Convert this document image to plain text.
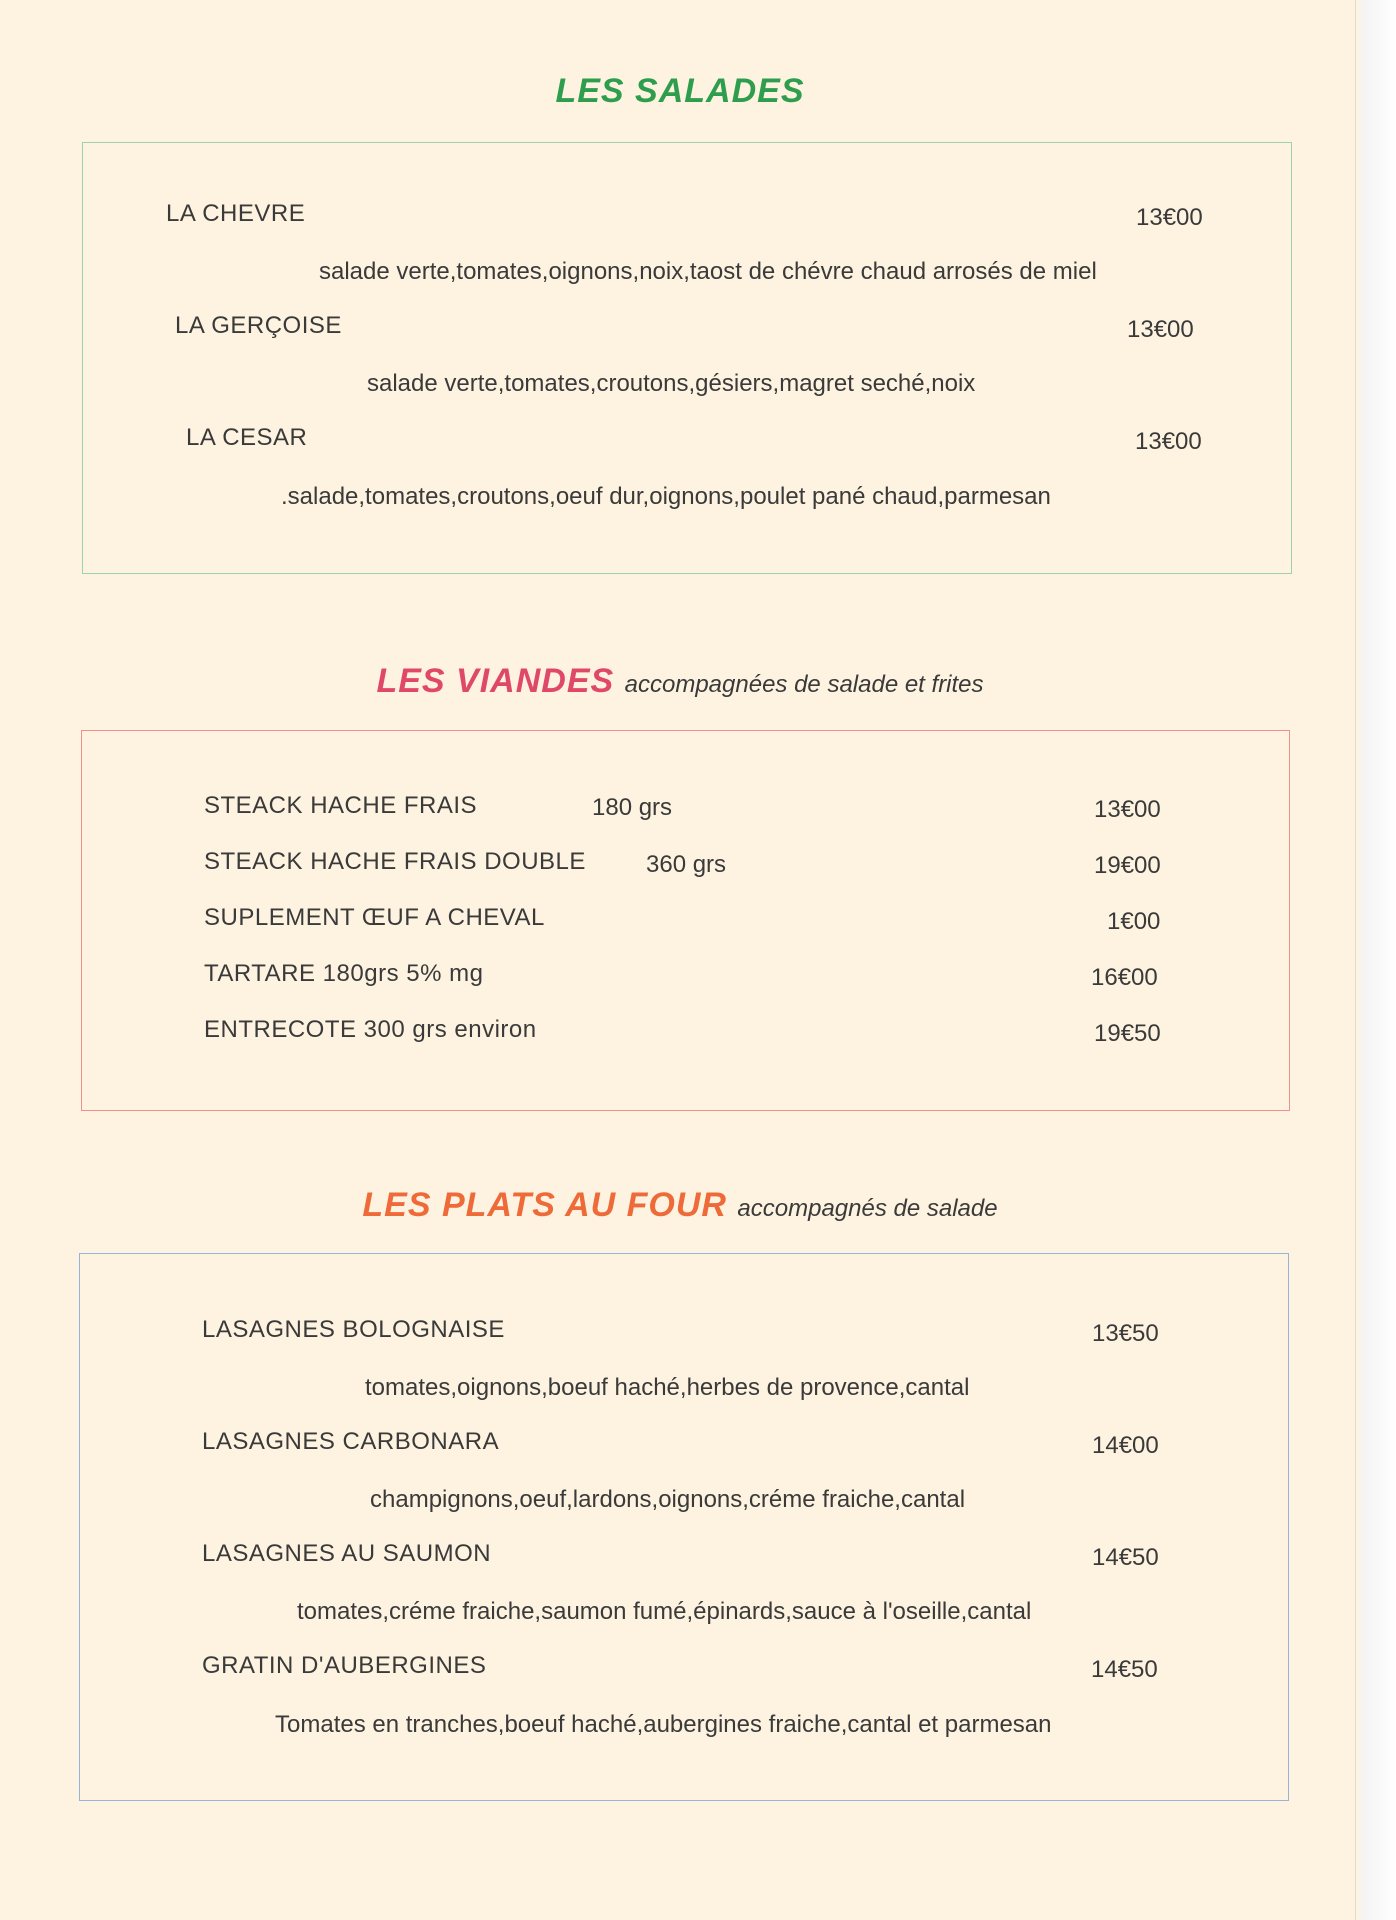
LES SALADES
LA CHEVRE	13€00
salade verte,tomates,oignons,noix,taost de chévre chaud arrosés de miel
LA GERÇOISE	13€00
salade verte,tomates,croutons,gésiers,magret seché,noix
LA CESAR	13€00
.salade,tomates,croutons,oeuf dur,oignons,poulet pané chaud,parmesan
LES VIANDES accompagnées de salade et frites
STEACK HACHE FRAIS	180 grs	13€00
STEACK HACHE FRAIS DOUBLE	360 grs	19€00
SUPLEMENT ŒUF A CHEVAL	1€00
TARTARE 180grs 5% mg	16€00
ENTRECOTE 300 grs environ	19€50
LES PLATS AU FOUR accompagnés de salade
LASAGNES BOLOGNAISE	13€50
tomates,oignons,boeuf haché,herbes de provence,cantal
LASAGNES CARBONARA	14€00
champignons,oeuf,lardons,oignons,créme fraiche,cantal
LASAGNES AU SAUMON	14€50
tomates,créme fraiche,saumon fumé,épinards,sauce à l'oseille,cantal
GRATIN D'AUBERGINES	14€50
Tomates en tranches,boeuf haché,aubergines fraiche,cantal et parmesan
